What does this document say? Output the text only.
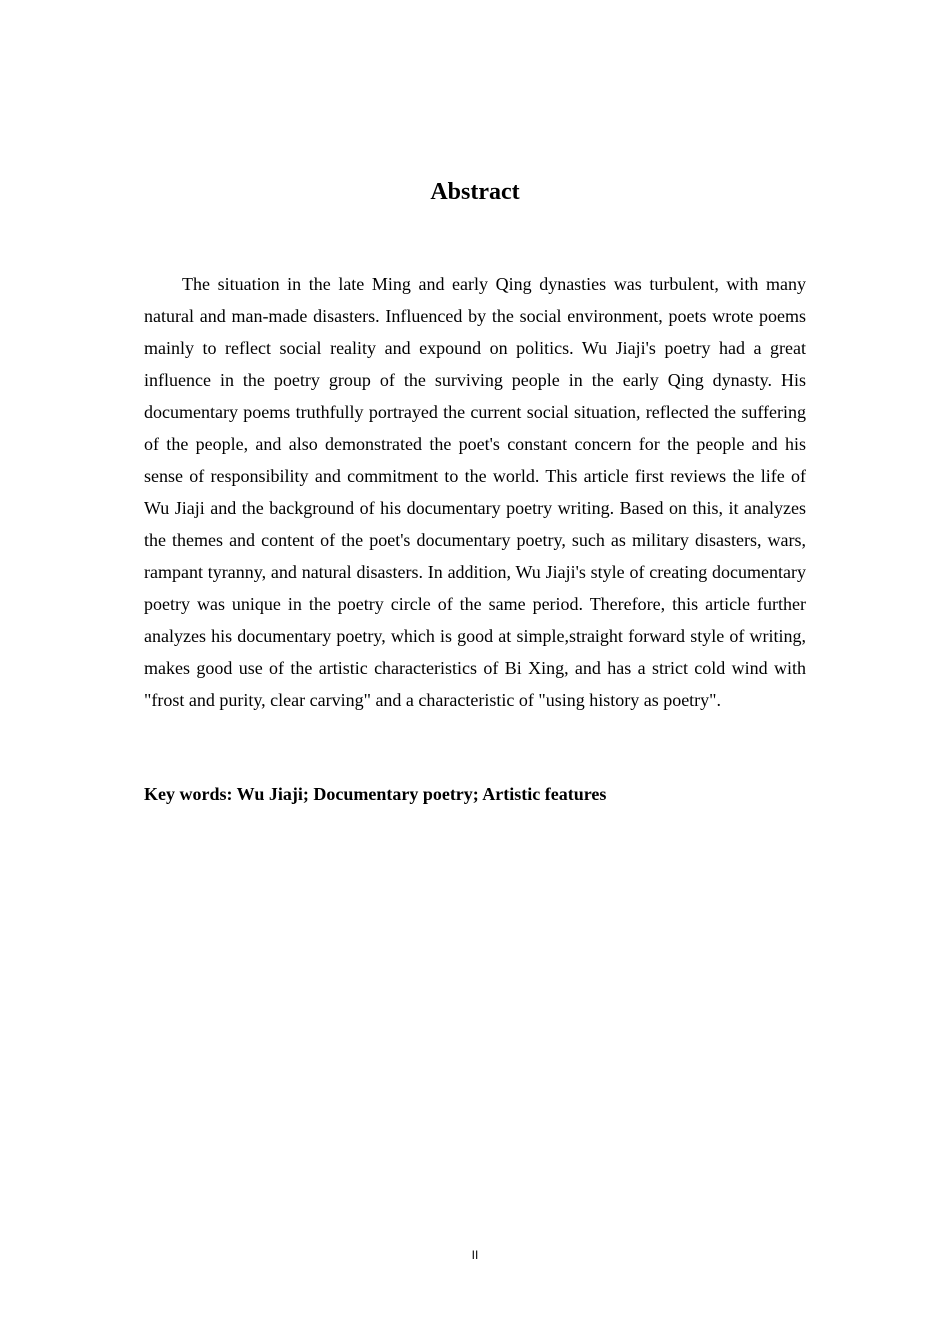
Abstract

The situation in the late Ming and early Qing dynasties was turbulent, with many natural and man-made disasters. Influenced by the social environment, poets wrote poems mainly to reflect social reality and expound on politics. Wu Jiaji's poetry had a great influence in the poetry group of the surviving people in the early Qing dynasty. His documentary poems truthfully portrayed the current social situation, reflected the suffering of the people, and also demonstrated the poet's constant concern for the people and his sense of responsibility and commitment to the world. This article first reviews the life of Wu Jiaji and the background of his documentary poetry writing. Based on this, it analyzes the themes and content of the poet's documentary poetry, such as military disasters, wars, rampant tyranny, and natural disasters. In addition, Wu Jiaji's style of creating documentary poetry was unique in the poetry circle of the same period. Therefore, this article further analyzes his documentary poetry, which is good at simple,straight forward style of writing, makes good use of the artistic characteristics of Bi Xing, and has a strict cold wind with "frost and purity, clear carving" and a characteristic of "using history as poetry".

Key words: Wu Jiaji; Documentary poetry; Artistic features

II
